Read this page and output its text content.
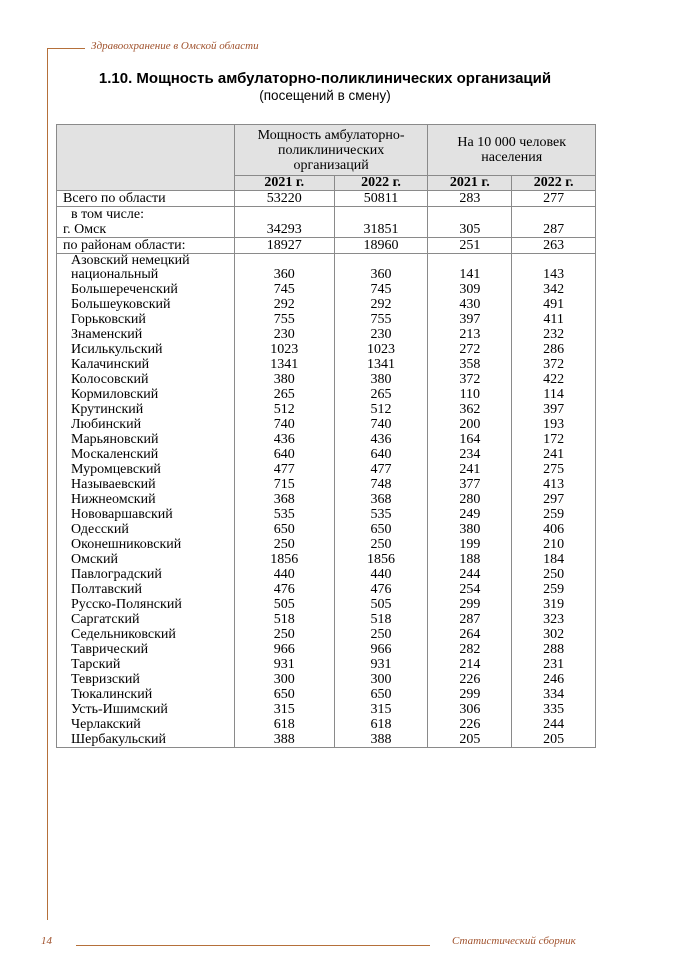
Здравоохранение в Омской области
1.10. Мощность амбулаторно-поликлинических организаций
(посещений в смену)
	Мощность амбулаторно-поликлинических организаций		На 10 000 человек населения	
	2021 г.	2022 г.	2021 г.	2022 г.
Всего по области	53220	50811	283	277
в том числе:				
г. Омск	34293	31851	305	287
по районам области:	18927	18960	251	263
Азовский немецкий национальный	360	360	141	143
Большереченский	745	745	309	342
Большеуковский	292	292	430	491
Горьковский	755	755	397	411
Знаменский	230	230	213	232
Исилькульский	1023	1023	272	286
Калачинский	1341	1341	358	372
Колосовский	380	380	372	422
Кормиловский	265	265	110	114
Крутинский	512	512	362	397
Любинский	740	740	200	193
Марьяновский	436	436	164	172
Москаленский	640	640	234	241
Муромцевский	477	477	241	275
Называевский	715	748	377	413
Нижнеомский	368	368	280	297
Нововаршавский	535	535	249	259
Одесский	650	650	380	406
Оконешниковский	250	250	199	210
Омский	1856	1856	188	184
Павлоградский	440	440	244	250
Полтавский	476	476	254	259
Русско-Полянский	505	505	299	319
Саргатский	518	518	287	323
Седельниковский	250	250	264	302
Таврический	966	966	282	288
Тарский	931	931	214	231
Тевризский	300	300	226	246
Тюкалинский	650	650	299	334
Усть-Ишимский	315	315	306	335
Черлакский	618	618	226	244
Шербакульский	388	388	205	205
14	Статистический сборник
